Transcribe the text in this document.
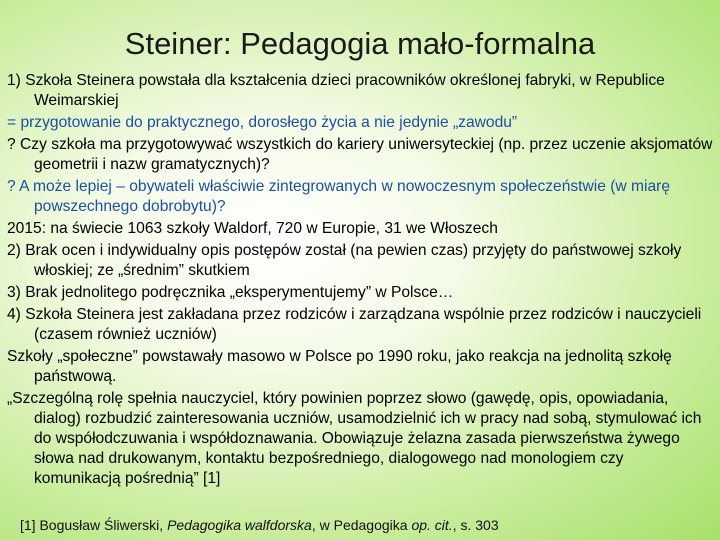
Steiner: Pedagogia mało-formalna

1) Szkoła Steinera powstała dla kształcenia dzieci pracowników określonej fabryki, w Republice Weimarskiej

= przygotowanie do praktycznego, dorosłego życia a nie jedynie „zawodu”

? Czy szkoła ma przygotowywać wszystkich do kariery uniwersyteckiej (np. przez uczenie aksjomatów geometrii i nazw gramatycznych)?

? A może lepiej – obywateli właściwie zintegrowanych w nowoczesnym społeczeństwie (w miarę powszechnego dobrobytu)?

2015: na świecie 1063 szkoły Waldorf, 720 w Europie, 31 we Włoszech

2) Brak ocen i indywidualny opis postępów został (na pewien czas) przyjęty do państwowej szkoły włoskiej; ze „średnim” skutkiem

3) Brak jednolitego podręcznika „eksperymentujemy” w Polsce…

4) Szkoła Steinera jest zakładana przez rodziców i zarządzana wspólnie przez rodziców i nauczycieli (czasem również uczniów)

Szkoły „społeczne” powstawały masowo w Polsce po 1990 roku, jako reakcja na jednolitą szkołę państwową.

„Szczególną rolę spełnia nauczyciel, który powinien poprzez słowo (gawędę, opis, opowiadania, dialog) rozbudzić zainteresowania uczniów, usamodzielnić ich w pracy nad sobą, stymulować ich do współodczuwania i współdoznawania. Obowiązuje żelazna zasada pierwszeństwa żywego słowa nad drukowanym, kontaktu bezpośredniego, dialogowego nad monologiem czy komunikacją pośrednią” [1]

[1] Bogusław Śliwerski, Pedagogika walfdorska, w Pedagogika op. cit., s. 303
